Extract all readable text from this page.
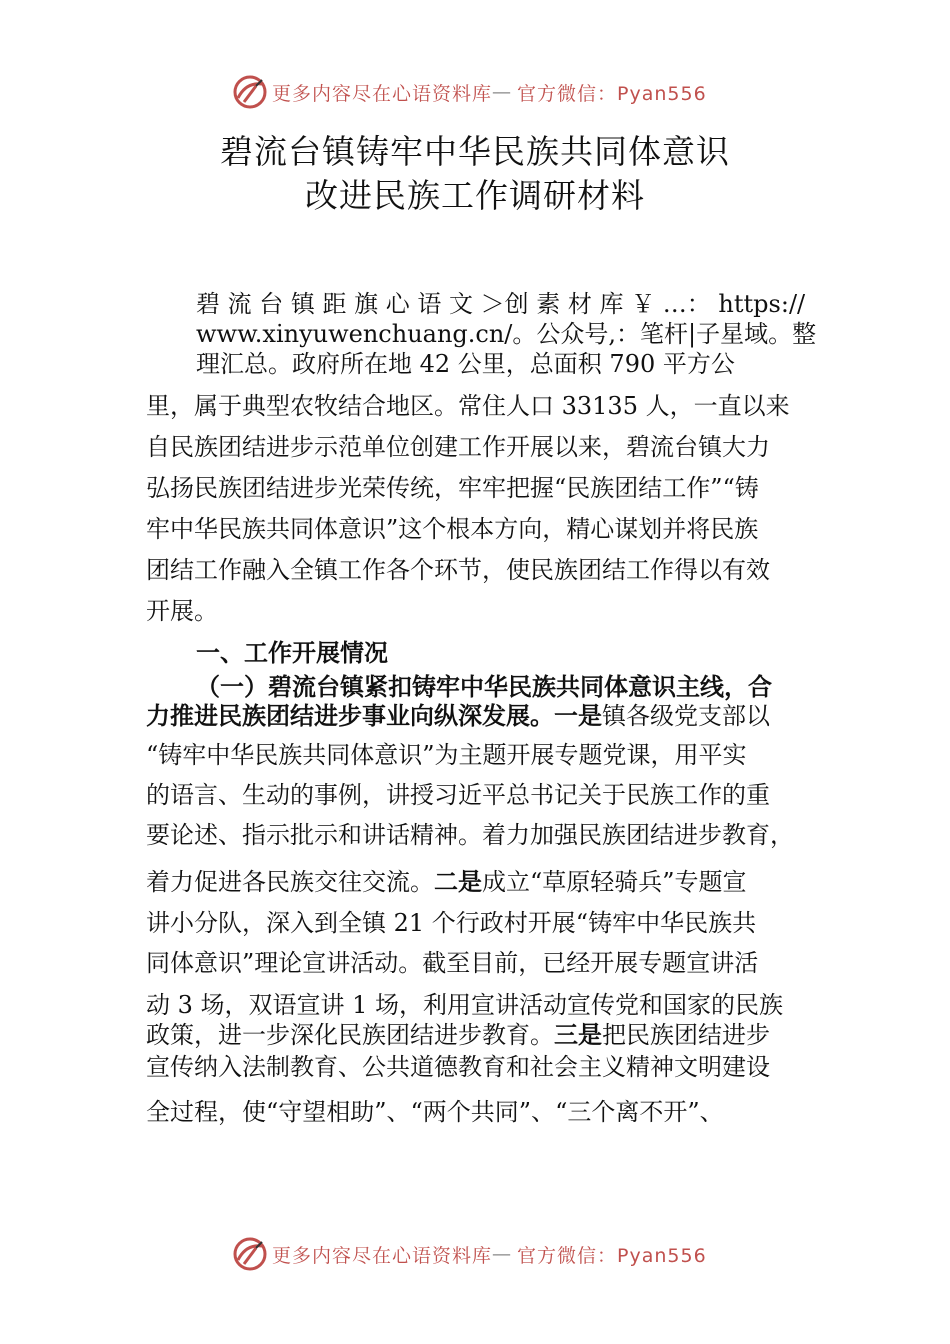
更多内容尽在心语资料库 — 官方微信：Pyan556
碧流台镇铸牢中华民族共同体意识
改进民族工作调研材料
碧 流 台 镇 距 旗 心 语 文 ＞创 素 材 库 ￥ …： https://
www.xinyuwenchuang.cn/。公众号,：笔杆|子星域。整
理汇总。政府所在地 42 公里，总面积 790 平方公
里，属于典型农牧结合地区。常住人口 33135 人，一直以来
自民族团结进步示范单位创建工作开展以来，碧流台镇大力
弘扬民族团结进步光荣传统，牢牢把握“民族团结工作”“铸
牢中华民族共同体意识”这个根本方向，精心谋划并将民族
团结工作融入全镇工作各个环节，使民族团结工作得以有效
开展。
一、工作开展情况
（一）碧流台镇紧扣铸牢中华民族共同体意识主线，合
力推进民族团结进步事业向纵深发展。一是镇各级党支部以
“铸牢中华民族共同体意识”为主题开展专题党课，用平实
的语言、生动的事例，讲授习近平总书记关于民族工作的重
要论述、指示批示和讲话精神。着力加强民族团结进步教育，
着力促进各民族交往交流。二是成立“草原轻骑兵”专题宣
讲小分队，深入到全镇 21 个行政村开展“铸牢中华民族共
同体意识”理论宣讲活动。截至目前，已经开展专题宣讲活
动 3 场，双语宣讲 1 场，利用宣讲活动宣传党和国家的民族
政策，进一步深化民族团结进步教育。三是把民族团结进步
宣传纳入法制教育、公共道德教育和社会主义精神文明建设
全过程，使“守望相助”、“两个共同”、“三个离不开”、
更多内容尽在心语资料库 — 官方微信：Pyan556
